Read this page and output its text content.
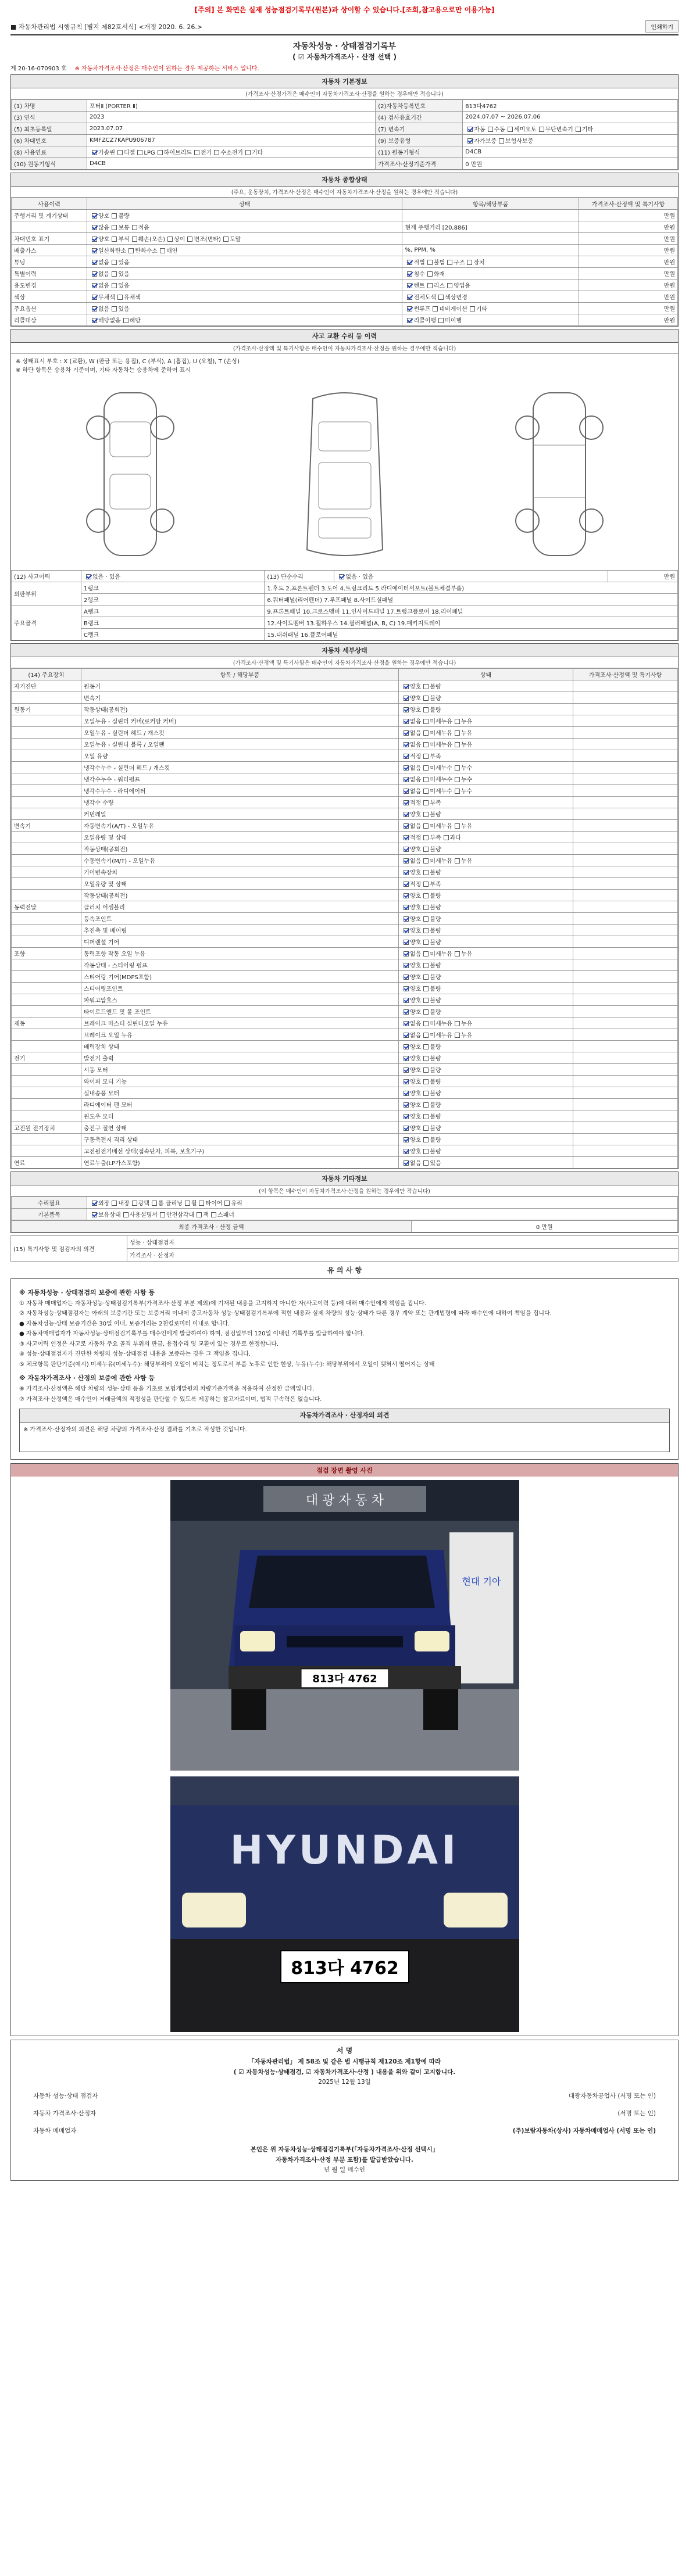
[주의] 본 화면은 실제 성능점검기록부(원본)과 상이할 수 있습니다.[조회,참고용으로만 이용가능]
■ 자동차관리법 시행규칙 [별지 제82호서식] <개정 2020. 6. 26.>	인쇄하기
자동차성능 · 상태점검기록부
( ☑ 자동차가격조사 · 산정 선택 )
제 20-16-070903 호 ※ 자동차가격조사·산정은 매수인이 원하는 경우 제공하는 서비스 입니다.
자동차 기본정보
(가격조사·산정가격은 매수인이 자동차가격조사·산정을 원하는 경우에만 적습니다)
(1) 차명	포터Ⅱ (PORTER Ⅱ)	(2)자동차등록번호	813다4762
(3) 연식	2023	(4) 검사유효기간	2024.07.07 ~ 2026.07.06
(5) 최초등록일	2023.07.07	(7) 변속기	자동 수동 세미오토 무단변속기 기타
(6) 차대번호	KMFZCZ7KAPU906787	(9) 보증유형	자가보증 보험사보증
(8) 사용연료	가솔린 디젤 LPG 하이브리드 전기 수소전기 기타	(11) 원동기형식	D4CB
(10) 원동기형식	D4CB	가격조사·산정기준가격	0 만원
자동차 종합상태
(주요, 운동장치, 가격조사·산정은 매수인이 자동차가격조사·산정을 원하는 경우에만 적습니다)
사용이력	상태	항목/해당부품	가격조사·산정액 및 특기사항
주행거리 및 계기상태	양호 불량		만원
	많음 보통 적음	현재 주행거리 [20,886]	만원
차대번호 표기	양호 부식 훼손(오손) 상이 변조(변타) 도말		만원
배출가스	일산화탄소 탄화수소 매연	%, PPM, %	만원
튜닝	없음 있음	적법 불법 구조 장치	만원
특별이력	없음 있음	침수 화재	만원
용도변경	없음 있음	렌트 리스 영업용	만원
색상	무채색 유채색	전체도색 색상변경	만원
주요옵션	없음 있음	썬루프 네비게이션 기타	만원
리콜대상	해당없음 해당	리콜이행 미이행	만원
사고 교환 수리 등 이력
(가격조사·산정액 및 특기사항은 매수인이 자동차가격조사·산정을 원하는 경우에만 적습니다)
※ 상태표시 부호 : X (교환), W (판금 또는 용접), C (부식), A (흠집), U (요철), T (손상)
※ 하단 항목은 승용차 기준이며, 기타 자동차는 승용차에 준하여 표시
(12) 사고이력	없음 · 있음	(13) 단순수리	없음 · 있음	만원
외판부위	1랭크	1.후드 2.프론트펜더 3.도어 4.트렁크리드 5.라디에이터서포트(볼트체결부품)		
	2랭크	6.쿼터패널(리어펜더) 7.루프패널 8.사이드실패널		
주요골격	A랭크	9.프론트패널 10.크로스멤버 11.인사이드패널 17.트렁크플로어 18.리어패널		
	B랭크	12.사이드멤버 13.휠하우스 14.필러패널(A, B, C) 19.패키지트레이		
	C랭크	15.대쉬패널 16.플로어패널		
자동차 세부상태
(가격조사·산정액 및 특기사항은 매수인이 자동차가격조사·산정을 원하는 경우에만 적습니다)
(14) 주요장치	항목 / 해당부품	상태	가격조사·산정액 및 특기사항
자기진단	원동기	양호 불량	
	변속기	양호 불량	
원동기	작동상태(공회전)	양호 불량	
	오일누유 - 실린더 커버(로커암 커버)	없음 미세누유 누유	
	오일누유 - 실린더 헤드 / 개스킷	없음 미세누유 누유	
	오일누유 - 실린더 블록 / 오일팬	없음 미세누유 누유	
	오일 유량	적정 부족	
	냉각수누수 - 실린더 헤드 / 개스킷	없음 미세누수 누수	
	냉각수누수 - 워터펌프	없음 미세누수 누수	
	냉각수누수 - 라디에이터	없음 미세누수 누수	
	냉각수 수량	적정 부족	
	커먼레일	양호 불량	
변속기	자동변속기(A/T) - 오일누유	없음 미세누유 누유	
	오일유량 및 상태	적정 부족 과다	
	작동상태(공회전)	양호 불량	
	수동변속기(M/T) - 오일누유	없음 미세누유 누유	
	기어변속장치	양호 불량	
	오일유량 및 상태	적정 부족	
	작동상태(공회전)	양호 불량	
동력전달	클러치 어셈블리	양호 불량	
	등속조인트	양호 불량	
	추진축 및 베어링	양호 불량	
	디퍼렌셜 기어	양호 불량	
조향	동력조향 작동 오일 누유	없음 미세누유 누유	
	작동상태 - 스티어링 펌프	양호 불량	
	스티어링 기어(MDPS포함)	양호 불량	
	스티어링조인트	양호 불량	
	파워고압호스	양호 불량	
	타이로드엔드 및 볼 조인트	양호 불량	
제동	브레이크 마스터 실린더오일 누유	없음 미세누유 누유	
	브레이크 오일 누유	없음 미세누유 누유	
	배력장치 상태	양호 불량	
전기	발전기 출력	양호 불량	
	시동 모터	양호 불량	
	와이퍼 모터 기능	양호 불량	
	실내송풍 모터	양호 불량	
	라디에이터 팬 모터	양호 불량	
	윈도우 모터	양호 불량	
고전원 전기장치	충전구 절연 상태	양호 불량	
	구동축전지 격리 상태	양호 불량	
	고전원전기배선 상태(접속단자, 피복, 보호기구)	양호 불량	
연료	연료누출(LP가스포함)	없음 있음	
자동차 기타정보
(이 항목은 매수인이 자동차가격조사·산정을 원하는 경우에만 적습니다)
수리필요	외장 내장 광택 룸 클리닝 휠 타이어 유리
기본품목	보유상태 사용설명서 안전삼각대 잭 스패너
최종 가격조사 · 산정 금액	0 만원
(15) 특기사항 및 점검자의 의견	성능 · 상태점검자
가격조사 · 산정자
유 의 사 항
※ 자동차성능 · 상태점검의 보증에 관한 사항 등

① 자동차 매매업자는 자동차성능·상태점검기록부(가격조사·산정 부분 제외)에 기재된 내용을 고지하지 아니한 자(사고이력 등)에 대해 매수인에게 책임을 집니다.

② 자동차성능·상태점검자는 아래의 보증기간 또는 보증거리 이내에 중고자동차 성능·상태점검기록부에 적힌 내용과 실제 차량의 성능·상태가 다른 경우 계약 또는 관계법령에 따라 매수인에 대하여 책임을 집니다.

● 자동차성능·상태 보증기간은 30일 이내, 보증거리는 2천킬로미터 이내로 합니다.

● 자동차매매업자가 자동차성능·상태점검기록부를 매수인에게 발급하여야 하며, 점검일부터 120일 이내인 기록부를 발급하여야 합니다.

③ 사고이력 인정은 사고로 자동차 주요 골격 부위의 판금, 용접수리 및 교환이 있는 경우로 한정합니다.

④ 성능·상태점검자가 진단한 차량의 성능·상태점검 내용을 보증하는 경우 그 책임을 집니다.

⑤ 체크항목 판단기준(예시) 미세누유(미세누수): 해당부위에 오일이 비치는 정도로서 부품 노후로 인한 현상, 누유(누수): 해당부위에서 오일이 맺혀서 떨어지는 상태

※ 자동차가격조사 · 산정의 보증에 관한 사항 등

⑥ 가격조사·산정액은 해당 차량의 성능·상태 등을 기초로 보험개발원의 차량기준가액을 적용하여 산정한 금액입니다.

⑦ 가격조사·산정액은 매수인이 거래금액의 적정성을 판단할 수 있도록 제공하는 참고자료이며, 법적 구속력은 없습니다.

자동차가격조사 · 산정자의 의견
※ 가격조사·산정자의 의견은 해당 차량의 가격조사·산정 결과를 기초로 작성한 것입니다.
점검 장면 촬영 사진
대 광 자 동 차
현대 기아
813다 4762
HYUNDAI
813다 4762
서 명
「자동차관리법」 제 58조 및 같은 법 시행규칙 제120조 제1항에 따라
( ☑ 자동차성능·상태점검, ☑ 자동차가격조사·산정 ) 내용을 위와 같이 고지합니다.
2025년 12월 13일
자동차 성능·상태 점검자	대광자동차공업사 (서명 또는 인)
자동차 가격조사·산정자	(서명 또는 인)
자동차 매매업자	(주)보람자동차(상사) 자동차매매업사 (서명 또는 인)
본인은 위 자동차성능·상태점검기록부(「자동차가격조사·산정 선택시」
자동차가격조사·산정 부분 포함)를 발급받았습니다.
년 월 일 매수인
